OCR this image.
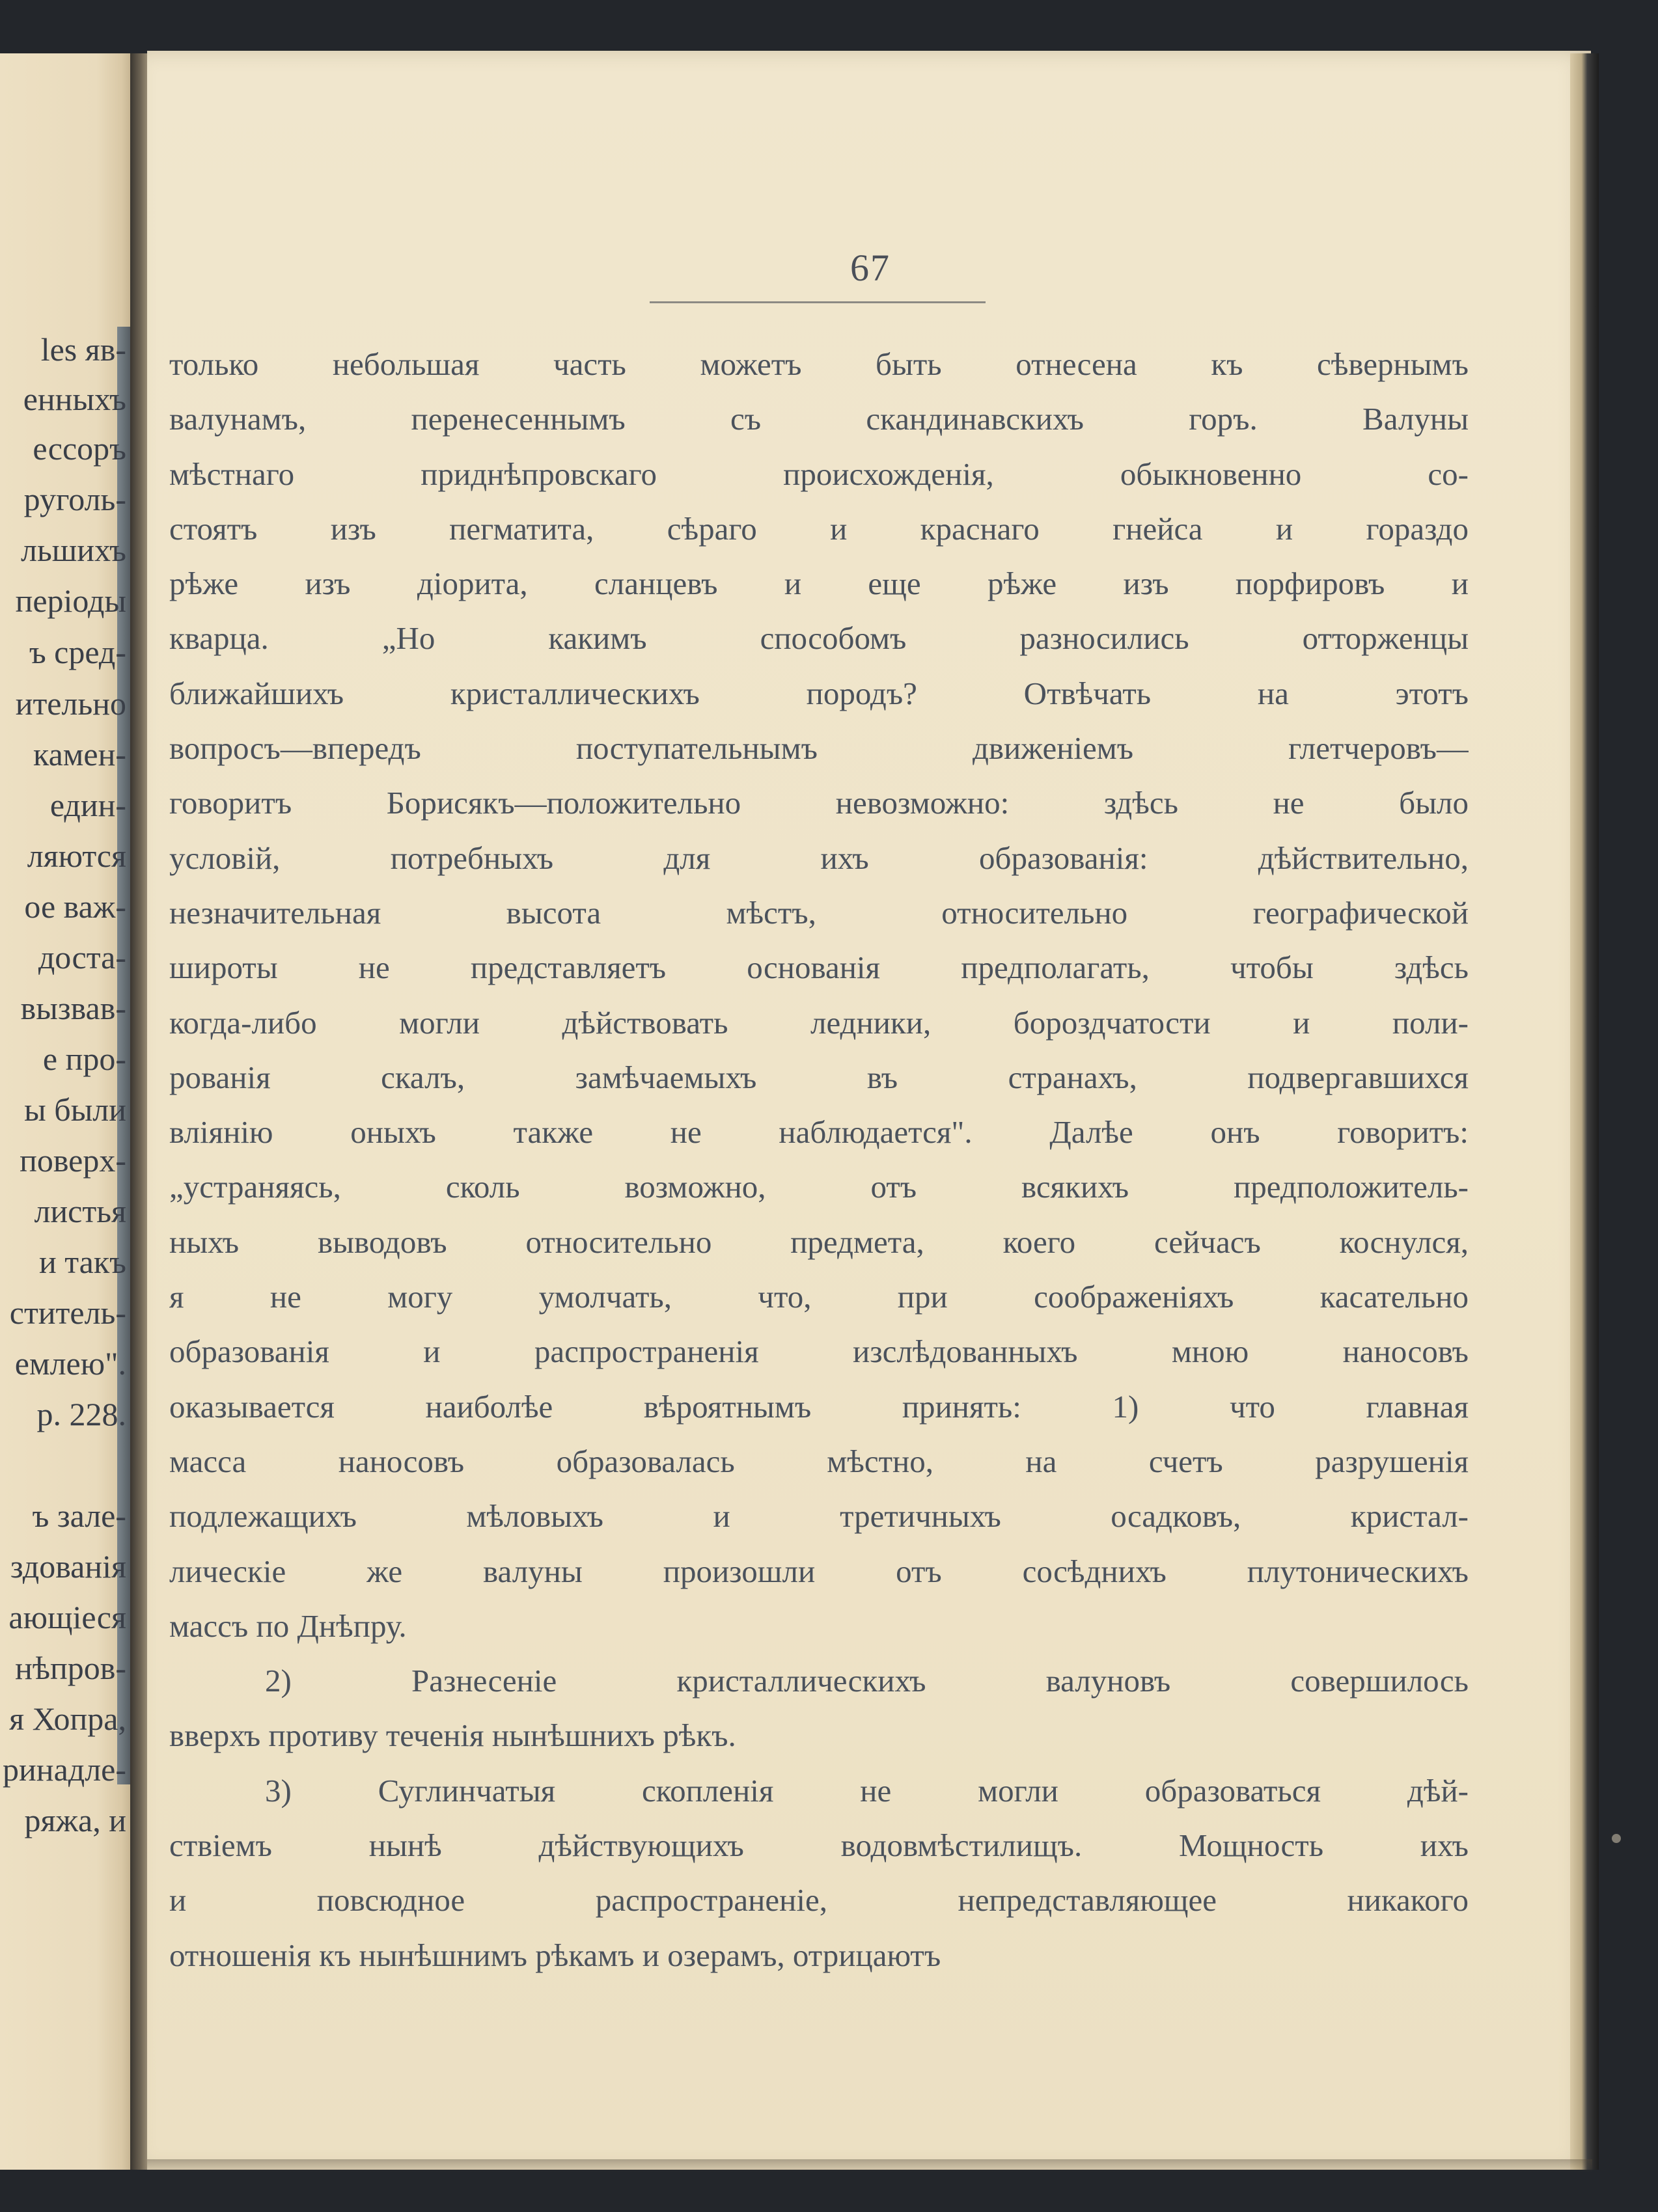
les яв-
енныхъ
ессоръ
руголь-
льшихъ
періоды
ъ сред-
ительно
камен-
един-
ляются
ое важ-
доста-
вызвав-
е про-
ы были
поверх-
листья
и такъ
ститель-
емлею".
р. 228.
ъ зале-
здованія
ающіеся
нѣпров-
я Хопра,
ринадле-
ряжа, и
67
только небольшая часть можетъ быть отнесена къ сѣвернымъ
валунамъ, перенесеннымъ съ скандинавскихъ горъ. Валуны
мѣстнаго приднѣпровскаго происхожденія, обыкновенно со-
стоятъ изъ пегматита, сѣраго и краснаго гнейса и гораздо
рѣже изъ діорита, сланцевъ и еще рѣже изъ порфировъ и
кварца. „Но какимъ способомъ разносились отторженцы
ближайшихъ кристаллическихъ породъ? Отвѣчать на этотъ
вопросъ—впередъ поступательнымъ движеніемъ глетчеровъ—
говоритъ Борисякъ—положительно невозможно: здѣсь не было
условій, потребныхъ для ихъ образованія: дѣйствительно,
незначительная высота мѣстъ, относительно географической
широты не представляетъ основанія предполагать, чтобы здѣсь
когда-либо могли дѣйствовать ледники, бороздчатости и поли-
рованія скалъ, замѣчаемыхъ въ странахъ, подвергавшихся
вліянію оныхъ также не наблюдается". Далѣе онъ говоритъ:
„устраняясь, сколь возможно, отъ всякихъ предположитель-
ныхъ выводовъ относительно предмета, коего сейчасъ коснулся,
я не могу умолчать, что, при соображеніяхъ касательно
образованія и распространенія изслѣдованныхъ мною наносовъ
оказывается наиболѣе вѣроятнымъ принять: 1) что главная
масса наносовъ образовалась мѣстно, на счетъ разрушенія
подлежащихъ мѣловыхъ и третичныхъ осадковъ, кристал-
лическіе же валуны произошли отъ сосѣднихъ плутоническихъ
массъ по Днѣпру.
2) Разнесеніе кристаллическихъ валуновъ совершилось
вверхъ противу теченія нынѣшнихъ рѣкъ.
3) Суглинчатыя скопленія не могли образоваться дѣй-
ствіемъ нынѣ дѣйствующихъ водовмѣстилищъ. Мощность ихъ
и повсюдное распространеніе, непредставляющее никакого
отношенія къ нынѣшнимъ рѣкамъ и озерамъ, отрицаютъ
